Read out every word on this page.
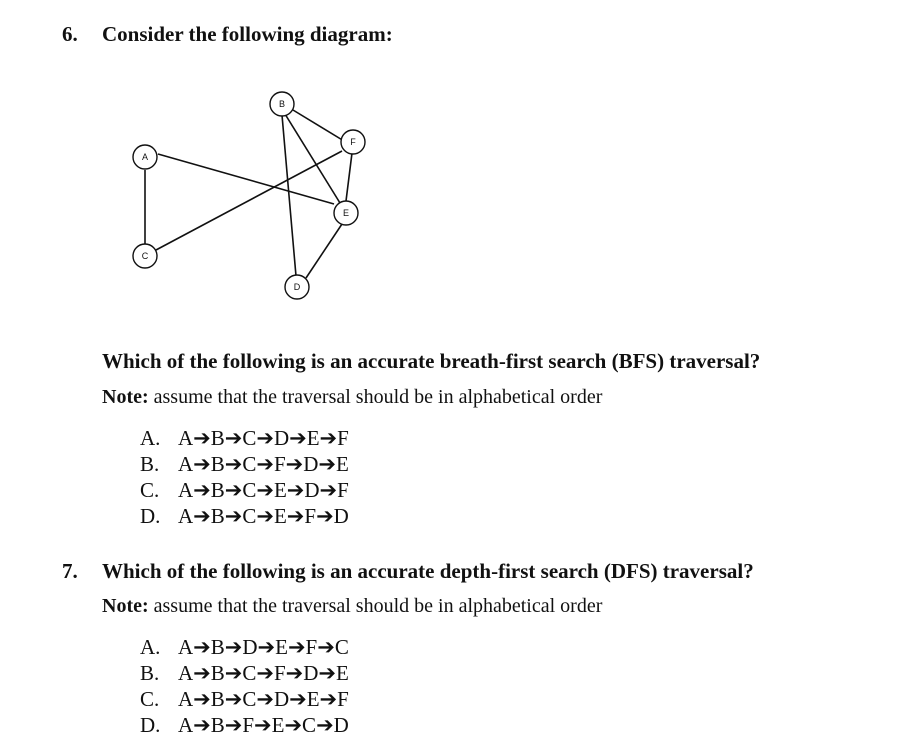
6. Consider the following diagram:
A
B
C
D
E
F
Which of the following is an accurate breath-first search (BFS) traversal?
Note: assume that the traversal should be in alphabetical order
A. A➔B➔C➔D➔E➔F
B. A➔B➔C➔F➔D➔E
C. A➔B➔C➔E➔D➔F
D. A➔B➔C➔E➔F➔D
7. Which of the following is an accurate depth-first search (DFS) traversal?
Note: assume that the traversal should be in alphabetical order
A. A➔B➔D➔E➔F➔C
B. A➔B➔C➔F➔D➔E
C. A➔B➔C➔D➔E➔F
D. A➔B➔F➔E➔C➔D
